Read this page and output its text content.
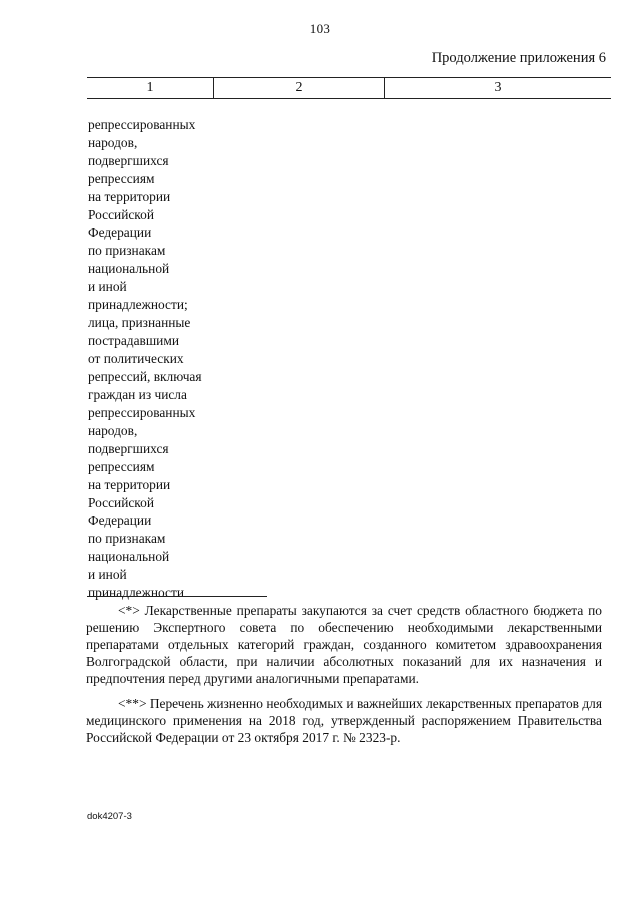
103
Продолжение приложения 6
1	2	3
репрессированных
народов,
подвергшихся
репрессиям
на территории
Российской
Федерации
по признакам
национальной
и иной
принадлежности;
лица, признанные
пострадавшими
от политических
репрессий, включая
граждан из числа
репрессированных
народов,
подвергшихся
репрессиям
на территории
Российской
Федерации
по признакам
национальной
и иной
принадлежности

<*> Лекарственные препараты закупаются за счет средств областного бюджета по решению Экспертного совета по обеспечению необходимыми лекарственными препаратами отдельных категорий граждан, созданного комитетом здравоохранения Волгоградской области, при наличии абсолютных показаний для их назначения и предпочтения перед другими аналогичными препаратами.

<**> Перечень жизненно необходимых и важнейших лекарственных препаратов для медицинского применения на 2018 год, утвержденный распоряжением Правительства Российской Федерации от 23 октября 2017 г. № 2323-р.

dok4207-3
